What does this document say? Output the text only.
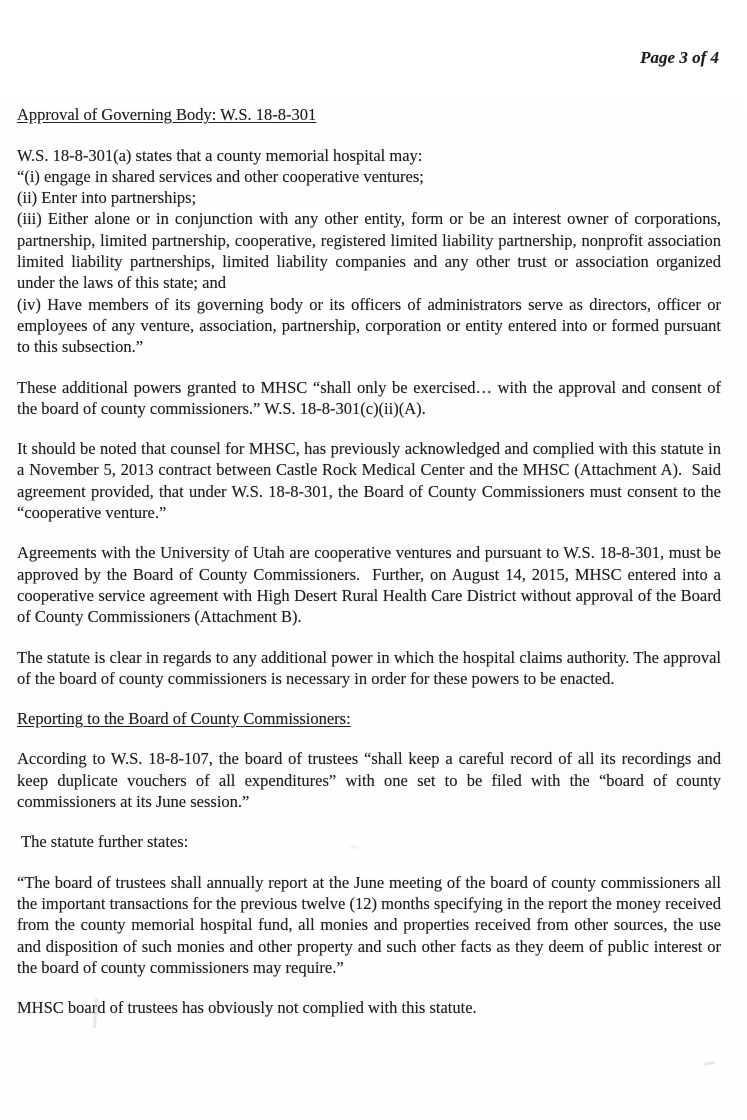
Page 3 of 4
Approval of Governing Body: W.S. 18-8-301

W.S. 18-8-301(a) states that a county memorial hospital may:

“(i) engage in shared services and other cooperative ventures;

(ii) Enter into partnerships;

(iii) Either alone or in conjunction with any other entity, form or be an interest owner of corporations, partnership, limited partnership, cooperative, registered limited liability partnership, nonprofit association limited liability partnerships, limited liability companies and any other trust or association organized under the laws of this state; and

(iv) Have members of its governing body or its officers of administrators serve as directors, officer or employees of any venture, association, partnership, corporation or entity entered into or formed pursuant to this subsection.”

These additional powers granted to MHSC “shall only be exercised… with the approval and consent of the board of county commissioners.” W.S. 18-8-301(c)(ii)(A).

It should be noted that counsel for MHSC, has previously acknowledged and complied with this statute in a November 5, 2013 contract between Castle Rock Medical Center and the MHSC (Attachment A).  Said agreement provided, that under W.S. 18-8-301, the Board of County Commissioners must consent to the “cooperative venture.”

Agreements with the University of Utah are cooperative ventures and pursuant to W.S. 18-8-301, must be approved by the Board of County Commissioners.  Further, on August 14, 2015, MHSC entered into a cooperative service agreement with High Desert Rural Health Care District without approval of the Board of County Commissioners (Attachment B).

The statute is clear in regards to any additional power in which the hospital claims authority. The approval of the board of county commissioners is necessary in order for these powers to be enacted.

Reporting to the Board of County Commissioners:

According to W.S. 18-8-107, the board of trustees “shall keep a careful record of all its recordings and keep duplicate vouchers of all expenditures” with one set to be filed with the “board of county commissioners at its June session.”

The statute further states:

“The board of trustees shall annually report at the June meeting of the board of county commissioners all the important transactions for the previous twelve (12) months specifying in the report the money received from the county memorial hospital fund, all monies and properties received from other sources, the use and disposition of such monies and other property and such other facts as they deem of public interest or the board of county commissioners may require.”

MHSC board of trustees has obviously not complied with this statute.
